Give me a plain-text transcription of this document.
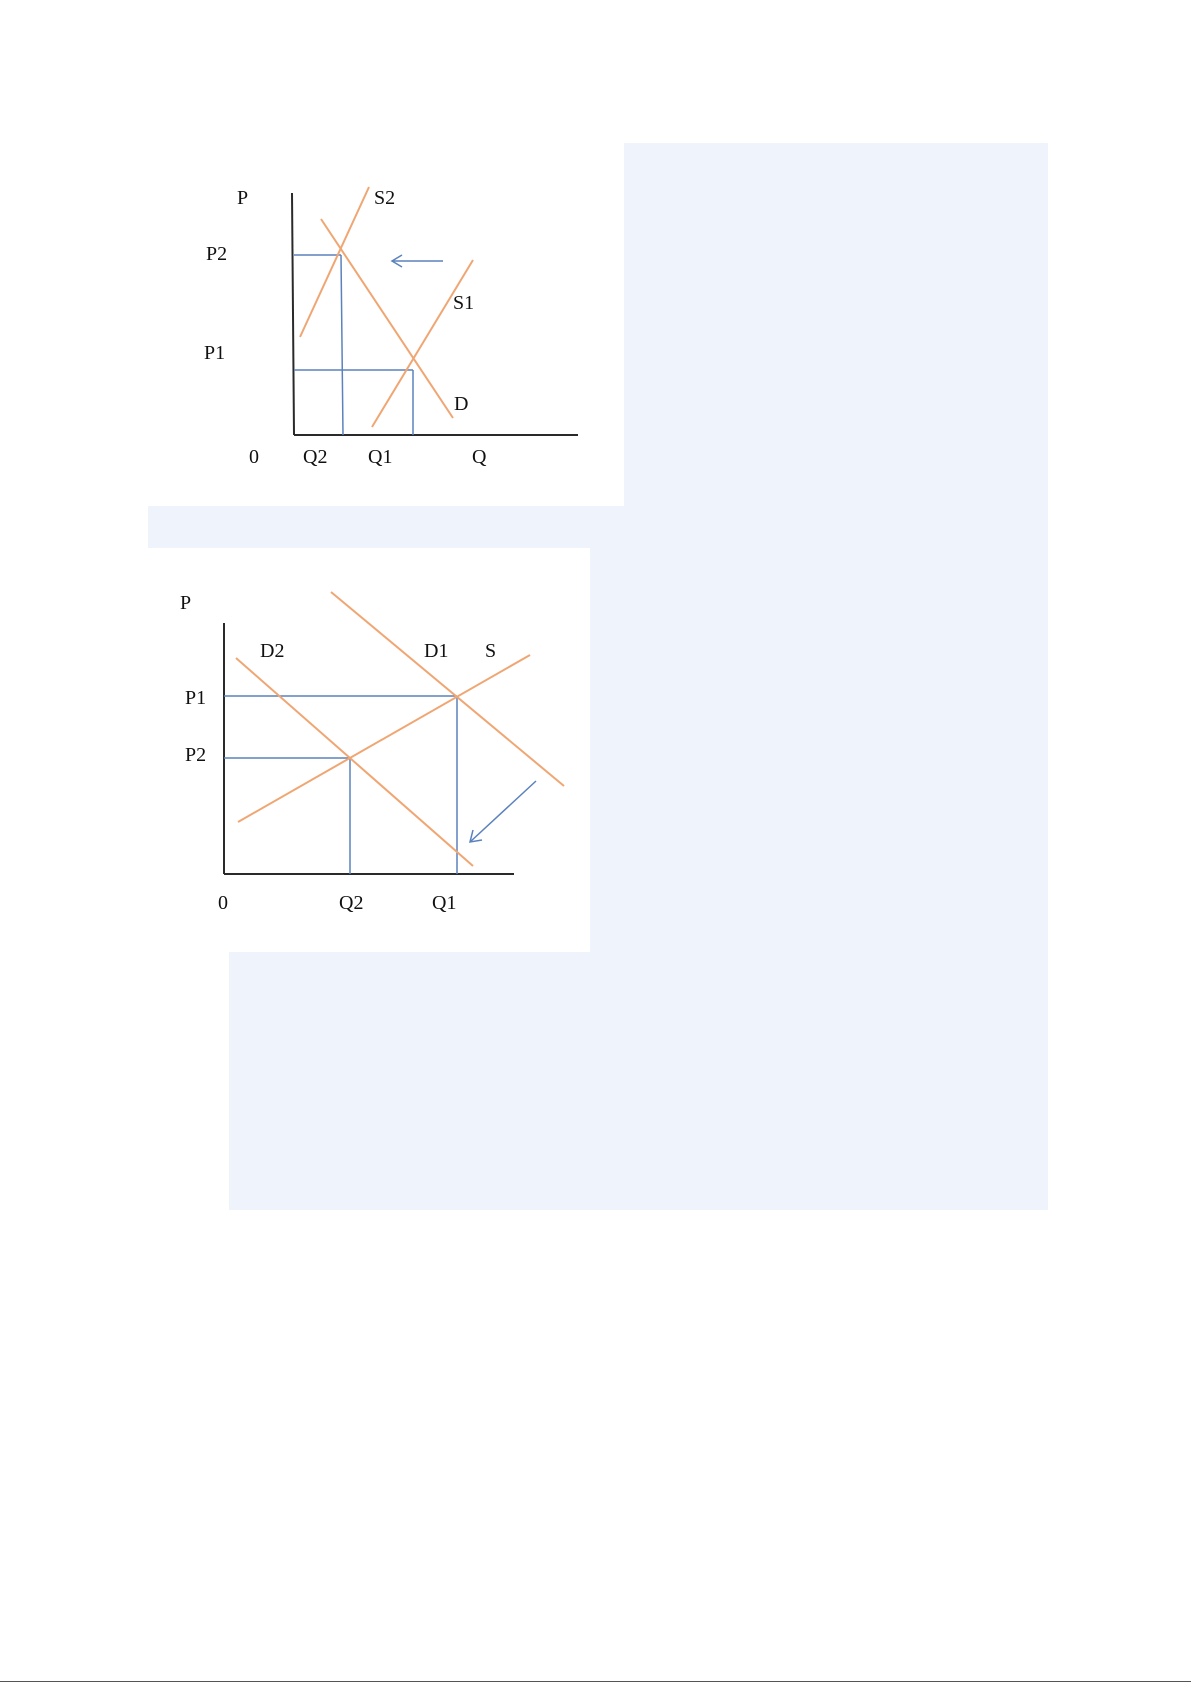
P	S2
P2
S1
P1
D
0 Q2 Q1	Q
P
D2	D1 S
P1
P2
0	Q2	Q1
